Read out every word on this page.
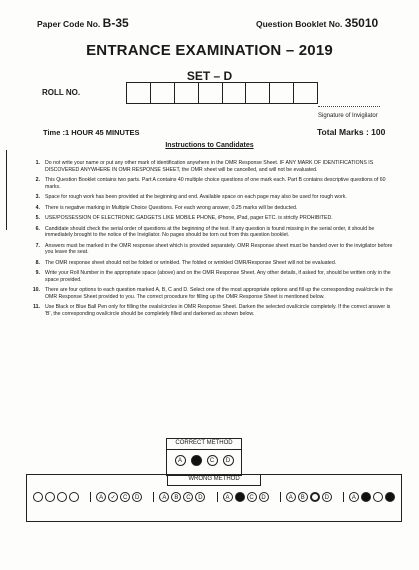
Paper Code No. B-35	Question Booklet No. 35010
ENTRANCE EXAMINATION – 2019
SET – D
ROLL NO.
Signature of Invigilator
Time :1 HOUR 45 MINUTES	Total Marks : 100
Instructions to Candidates
1. Do not write your name or put any other mark of identification anywhere in the OMR Response Sheet. IF ANY MARK OF IDENTIFICATIONS IS DISCOVERED ANYWHERE IN OMR RESPONSE SHEET, the OMR sheet will be cancelled, and will not be evaluated.
2. This Question Booklet contains two parts. Part A contains 40 multiple choice questions of one mark each. Part B contains descriptive questions of 60 marks.
3. Space for rough work has been provided at the beginning and end. Available space on each page may also be used for rough work.
4. There is negative marking in Multiple Choice Questions. For each wrong answer, 0.25 marks will be deducted.
5. USE/POSSESSION OF ELECTRONIC GADGETS LIKE MOBILE PHONE, iPhone, iPad, pager ETC. is strictly PROHIBITED.
6. Candidate should check the serial order of questions at the beginning of the test. If any question is found missing in the serial order, it should be immediately brought to the notice of the Invigilator. No pages should be torn out from this question booklet.
7. Answers must be marked in the OMR response sheet which is provided separately. OMR Response sheet must be handed over to the invigilator before you leave the seat.
8. The OMR response sheet should not be folded or wrinkled. The folded or wrinkled OMR/Response Sheet will not be evaluated.
9. Write your Roll Number in the appropriate space (above) and on the OMR Response Sheet. Any other details, if asked for, should be written only in the space provided.
10. There are four options to each question marked A, B, C and D. Select one of the most appropriate options and fill up the corresponding oval/circle in the OMR Response Sheet provided to you. The correct procedure for filling up the OMR Response Sheet is mentioned below.
11. Use Black or Blue Ball Pen only for filling the ovals/circles in OMR Response Sheet. Darken the selected oval/circle completely. If the correct answer is 'B', the corresponding oval/circle should be completely filled and darkened as shown below.
CORRECT METHOD
A	C	D
WRONG METHOD
A	✓	C	D	A	B	C	D	A	C	D	A	B	D	A
